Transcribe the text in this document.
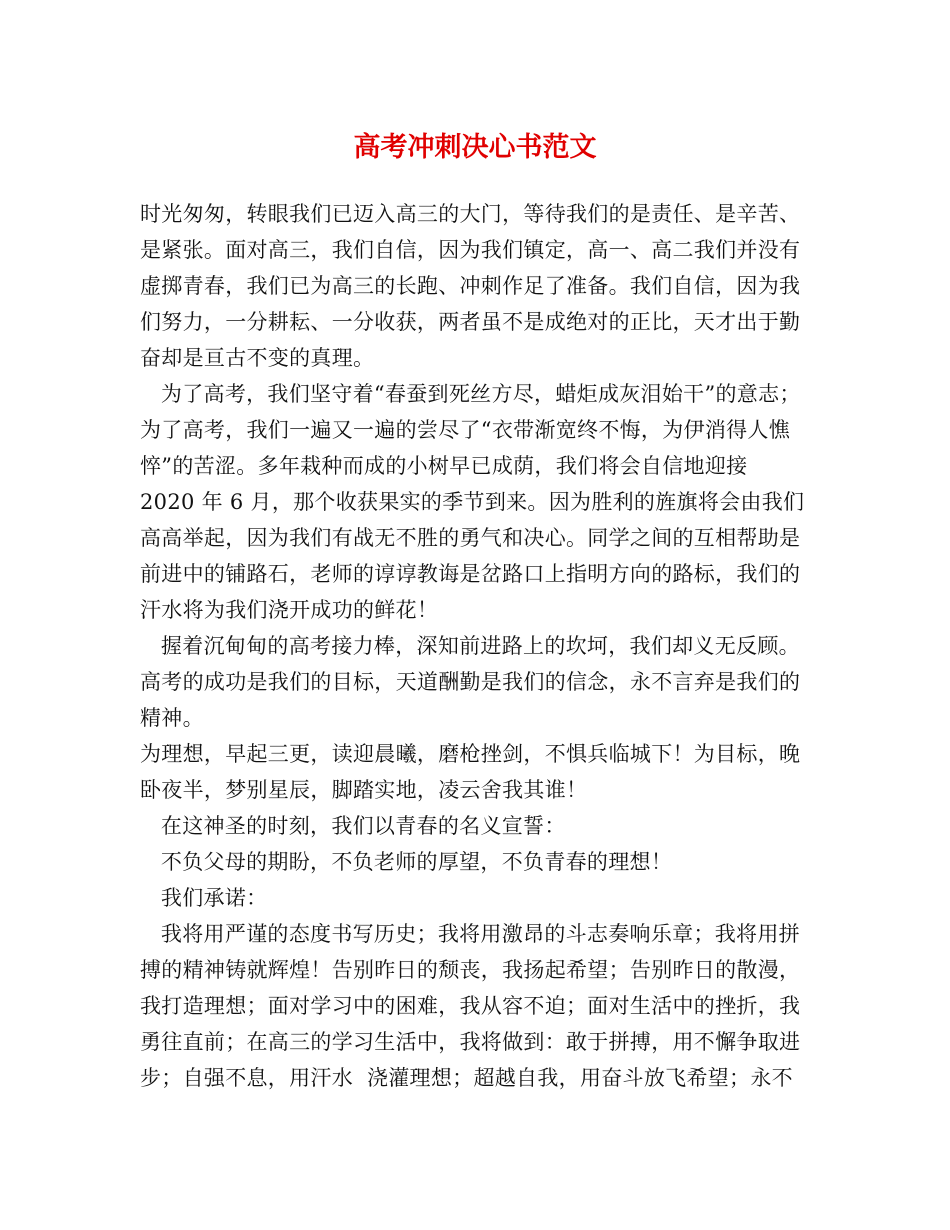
高考冲刺决心书范文
时光匆匆，转眼我们已迈入高三的大门，等待我们的是责任、是辛苦、
是紧张。面对高三，我们自信，因为我们镇定，高一、高二我们并没有
虚掷青春，我们已为高三的长跑、冲刺作足了准备。我们自信，因为我
们努力，一分耕耘、一分收获，两者虽不是成绝对的正比，天才出于勤
奋却是亘古不变的真理。
为了高考，我们坚守着“春蚕到死丝方尽，蜡炬成灰泪始干”的意志；
为了高考，我们一遍又一遍的尝尽了“衣带渐宽终不悔，为伊消得人憔
悴”的苦涩。多年栽种而成的小树早已成荫，我们将会自信地迎接
2020 年 6 月，那个收获果实的季节到来。因为胜利的旌旗将会由我们
高高举起，因为我们有战无不胜的勇气和决心。同学之间的互相帮助是
前进中的铺路石，老师的谆谆教诲是岔路口上指明方向的路标，我们的
汗水将为我们浇开成功的鲜花！
握着沉甸甸的高考接力棒，深知前进路上的坎坷，我们却义无反顾。
高考的成功是我们的目标，天道酬勤是我们的信念，永不言弃是我们的
精神。
为理想，早起三更，读迎晨曦，磨枪挫剑，不惧兵临城下！为目标，晚
卧夜半，梦别星辰，脚踏实地，凌云舍我其谁！
在这神圣的时刻，我们以青春的名义宣誓：
不负父母的期盼，不负老师的厚望，不负青春的理想！
我们承诺：
我将用严谨的态度书写历史；我将用激昂的斗志奏响乐章；我将用拼
搏的精神铸就辉煌！告别昨日的颓丧，我扬起希望；告别昨日的散漫，
我打造理想；面对学习中的困难，我从容不迫；面对生活中的挫折，我
勇往直前；在高三的学习生活中，我将做到：敢于拼搏，用不懈争取进
步；自强不息，用汗水  浇灌理想；超越自我，用奋斗放飞希望；永不
